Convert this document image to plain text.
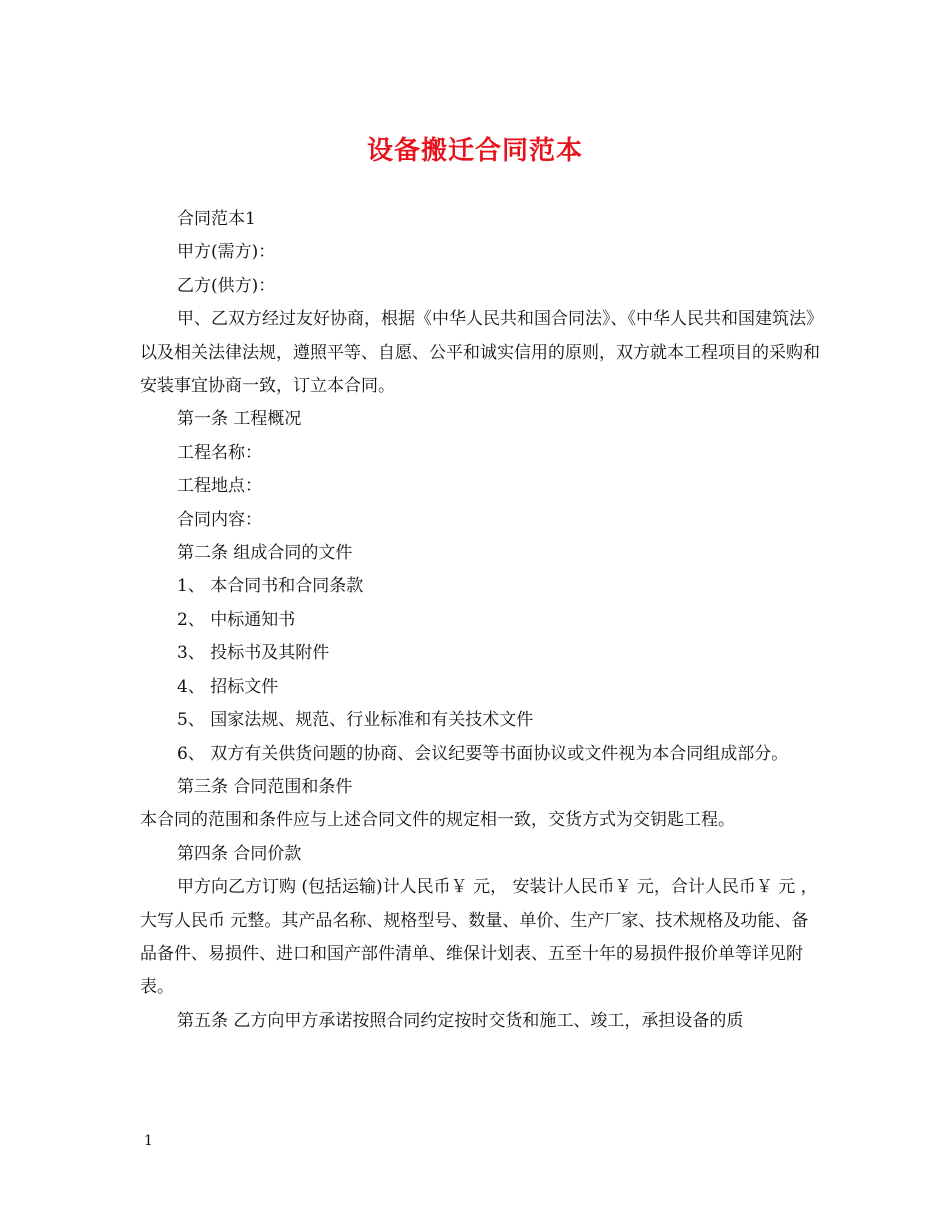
设备搬迁合同范本

合同范本1

甲方(需方)：

乙方(供方)：

甲、乙双方经过友好协商，根据《中华人民共和国合同法》、《中华人民共和国建筑法》以及相关法律法规，遵照平等、自愿、公平和诚实信用的原则，双方就本工程项目的采购和安装事宜协商一致，订立本合同。

第一条 工程概况

工程名称：

工程地点：

合同内容：

第二条 组成合同的文件

1、 本合同书和合同条款

2、 中标通知书

3、 投标书及其附件

4、 招标文件

5、 国家法规、规范、行业标准和有关技术文件

6、 双方有关供货问题的协商、会议纪要等书面协议或文件视为本合同组成部分。

第三条 合同范围和条件

本合同的范围和条件应与上述合同文件的规定相一致，交货方式为交钥匙工程。

第四条 合同价款

甲方向乙方订购 (包括运输)计人民币￥ 元， 安装计人民币￥ 元，合计人民币￥ 元 ，大写人民币 元整。其产品名称、规格型号、数量、单价、生产厂家、技术规格及功能、备品备件、易损件、进口和国产部件清单、维保计划表、五至十年的易损件报价单等详见附表。

第五条 乙方向甲方承诺按照合同约定按时交货和施工、竣工，承担设备的质

1
